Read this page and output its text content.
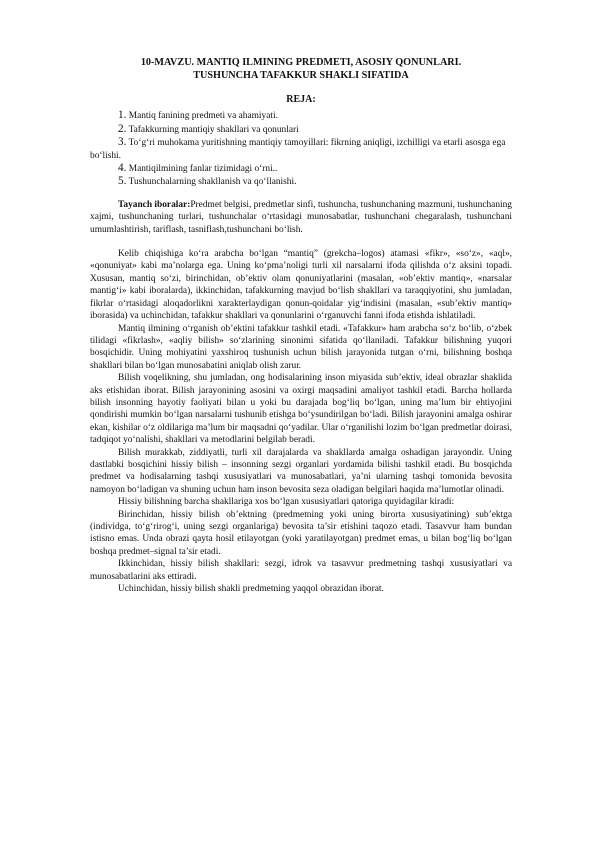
10-MAVZU. MANTIQ ILMINING PREDMETI, ASOSIY QONUNLARI.
TUSHUNCHA TAFAKKUR SHAKLI SIFATIDA
REJA:
1. Mantiq fanining predmeti va ahamiyati.
2. Tafakkurning mantiqiy shakllari va qonunlari
3. To‘g‘ri muhokama yuritishning mantiqiy tamoyillari: fikrning aniqligi, izchilligi va etarli asosga ega bo‘lishi.
4. Mantiqilmining fanlar tizimidagi o‘rni..
5. Tushunchalarning shakllanish va qo‘llanishi.

Tayanch iboralar:Predmet belgisi, predmetlar sinfi, tushuncha, tushunchaning mazmuni, tushunchaning xajmi, tushunchaning turlari, tushunchalar o‘rtasidagi munosabatlar, tushunchani chegaralash, tushunchani umumlashtirish, tariflash, tasniflash,tushunchani bo‘lish.

Kelib chiqishiga ko‘ra arabcha bo‘lgan “mantiq” (grekcha–logos) atamasi «fikr», «so‘z», «aql», «qonuniyat» kabi ma’nolarga ega. Uning ko‘pma’noligi turli xil narsalarni ifoda qilishda o‘z aksini topadi. Xususan, mantiq so‘zi, birinchidan, ob’ektiv olam qonuniyatlarini (masalan, «ob’ektiv mantiq», «narsalar mantig‘i» kabi iboralarda), ikkinchidan, tafakkurning mavjud bo‘lish shakllari va taraqqiyotini, shu jumladan, fikrlar o‘rtasidagi aloqadorlikni xarakterlaydigan qonun-qoidalar yig‘indisini (masalan, «sub’ektiv mantiq» iborasida) va uchinchidan, tafakkur shakllari va qonunlarini o‘rganuvchi fanni ifoda etishda ishlatiladi.

Mantiq ilmining o‘rganish ob’ektini tafakkur tashkil etadi. «Tafakkur» ham arabcha so‘z bo‘lib, o‘zbek tilidagi «fikrlash», «aqliy bilish» so‘zlarining sinonimi sifatida qo‘llaniladi. Tafakkur bilishning yuqori bosqichidir. Uning mohiyatini yaxshiroq tushunish uchun bilish jarayonida tutgan o‘rni, bilishning boshqa shakllari bilan bo‘lgan munosabatini aniqlab olish zarur.

Bilish voqelikning, shu jumladan, ong hodisalarining inson miyasida sub’ektiv, ideal obrazlar shaklida aks etishidan iborat. Bilish jarayonining asosini va oxirgi maqsadini amaliyot tashkil etadi. Barcha hollarda bilish insonning hayotiy faoliyati bilan u yoki bu darajada bog‘liq bo‘lgan, uning ma’lum bir ehtiyojini qondirishi mumkin bo‘lgan narsalarni tushunib etishga bo‘ysundirilgan bo‘ladi. Bilish jarayonini amalga oshirar ekan, kishilar o‘z oldilariga ma’lum bir maqsadni qo‘yadilar. Ular o‘rganilishi lozim bo‘lgan predmetlar doirasi, tadqiqot yo‘nalishi, shakllari va metodlarini belgilab beradi.

Bilish murakkab, ziddiyatli, turli xil darajalarda va shakllarda amalga oshadigan jarayondir. Uning dastlabki bosqichini hissiy bilish – insonning sezgi organlari yordamida bilishi tashkil etadi. Bu bosqichda predmet va hodisalarning tashqi xususiyatlari va munosabatlari, ya’ni ularning tashqi tomonida bevosita namoyon bo‘ladigan va shuning uchun ham inson bevosita seza oladigan belgilari haqida ma’lumotlar olinadi.

Hissiy bilishning barcha shakllariga xos bo‘lgan xususiyatlari qatoriga quyidagilar kiradi:

Birinchidan, hissiy bilish ob’ektning (predmetning yoki uning birorta xususiyatining) sub’ektga (individga, to‘g‘rirog‘i, uning sezgi organlariga) bevosita ta’sir etishini taqozo etadi. Tasavvur ham bundan istisno emas. Unda obrazi qayta hosil etilayotgan (yoki yaratilayotgan) predmet emas, u bilan bog‘liq bo‘lgan boshqa predmet–signal ta’sir etadi.

Ikkinchidan, hissiy bilish shakllari: sezgi, idrok va tasavvur predmetning tashqi xususiyatlari va munosabatlarini aks ettiradi.

Uchinchidan, hissiy bilish shakli predmetning yaqqol obrazidan iborat.
